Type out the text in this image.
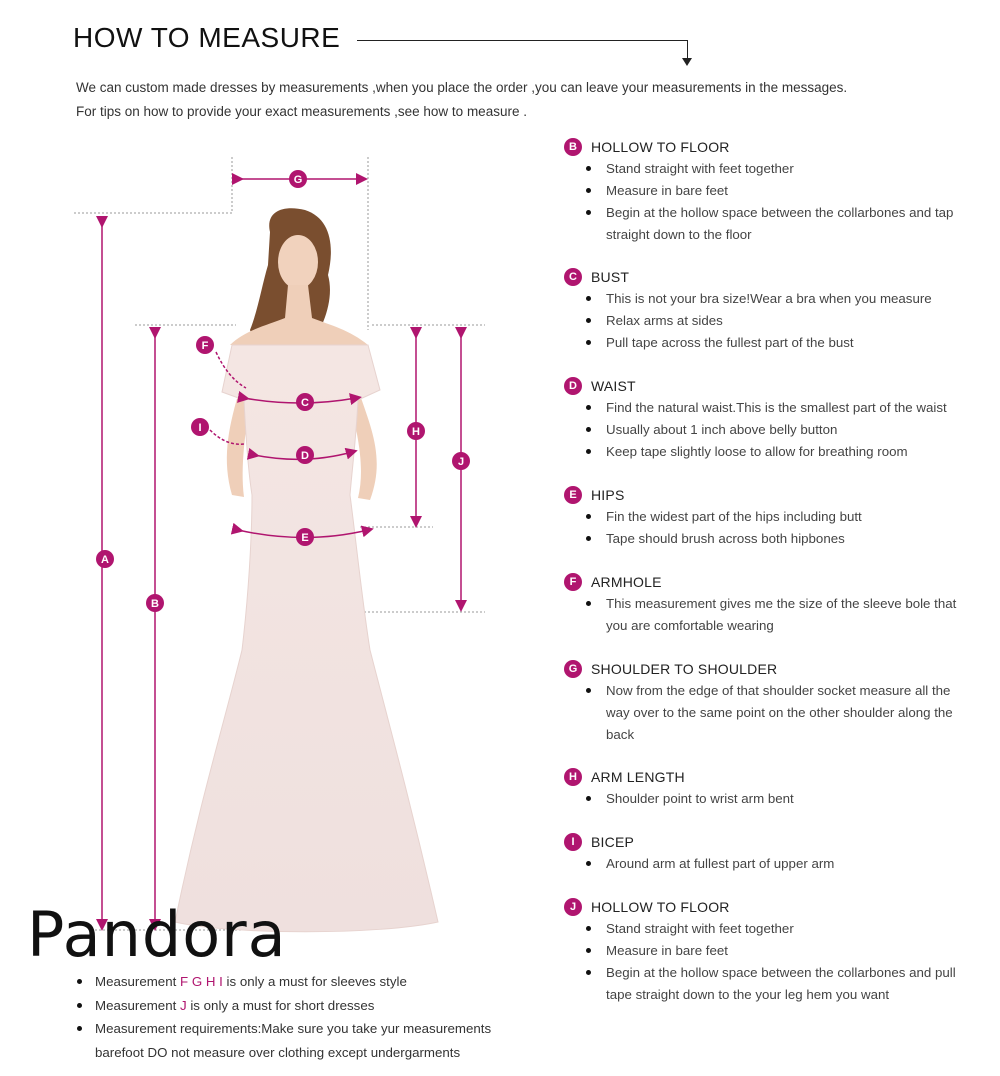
HOW TO MEASURE
We can custom made dresses by measurements ,when you place the order ,you can leave your measurements in the messages.
For tips on how to provide your exact measurements ,see how to measure .
A
B
C
D
E
F
G
H
I
J
Pandora
B	HOLLOW TO FLOOR
Stand straight with feet together
Measure in bare feet
Begin at the hollow space between the collarbones and tap straight down to the floor
C	BUST
This is not your bra size!Wear a bra when you measure
Relax arms at sides
Pull tape across the fullest part of the bust
D	WAIST
Find the natural waist.This is the smallest part of the waist
Usually about 1 inch above belly button
Keep tape slightly loose to allow for breathing room
E	HIPS
Fin the widest part of the hips including butt
Tape should brush across both hipbones
F	ARMHOLE
This measurement gives me the size of the sleeve bole that you are comfortable wearing
G SHOULDER TO SHOULDER
Now from the edge of that shoulder socket measure all the way over to the same point on the other shoulder along the back
H	ARM LENGTH
Shoulder point to wrist arm bent
I	BICEP
Around arm at fullest part of upper arm
J	HOLLOW TO FLOOR
Stand straight with feet together
Measure in bare feet
Begin at the hollow space between the collarbones and pull tape straight down to the your leg hem you want
Measurement F G H I is only a must for sleeves style
Measurement J is only a must for short dresses
Measurement requirements:Make sure you take yur measurements barefoot DO not measure over clothing except undergarments
